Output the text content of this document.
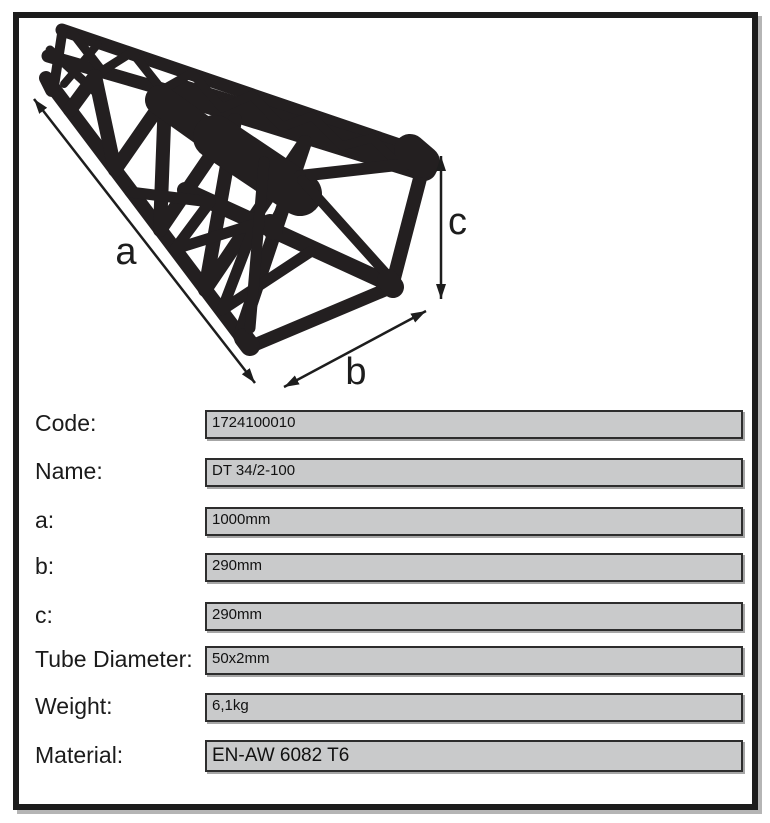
a
b
c
Code:	1724100010
Name:	DT 34/2-100
a:	1000mm
b:	290mm
c:	290mm
Tube Diameter:	50x2mm
Weight:	6,1kg
Material:	EN-AW 6082 T6
